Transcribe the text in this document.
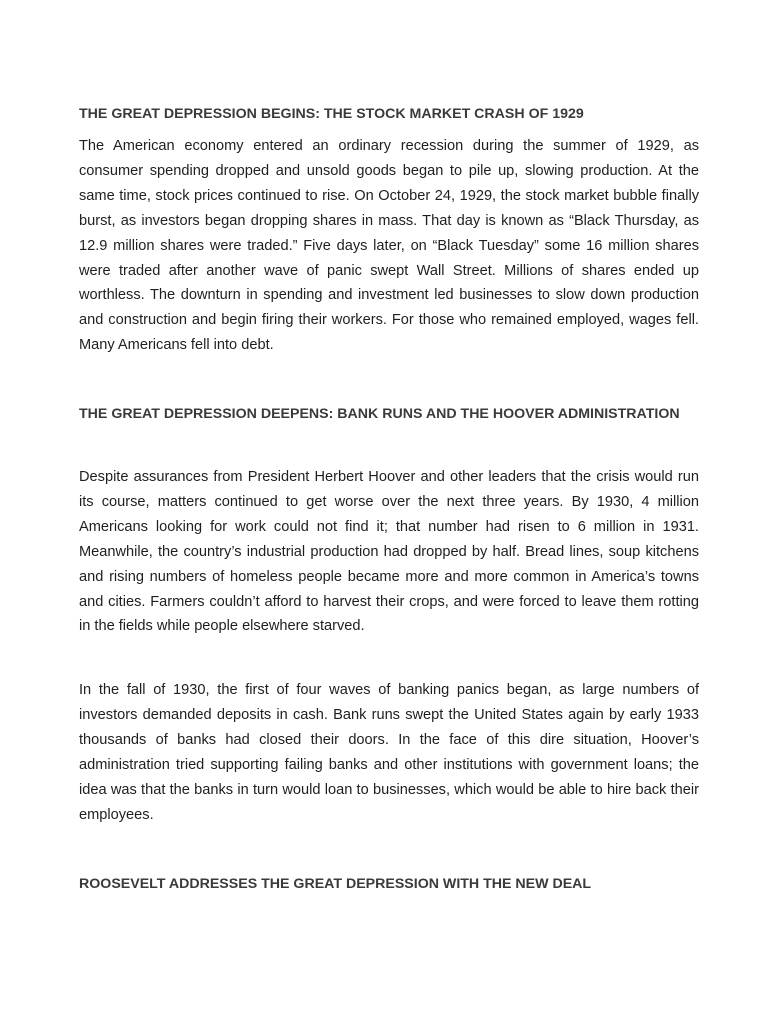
THE GREAT DEPRESSION BEGINS: THE STOCK MARKET CRASH OF 1929

The American economy entered an ordinary recession during the summer of 1929, as consumer spending dropped and unsold goods began to pile up, slowing production. At the same time, stock prices continued to rise. On October 24, 1929, the stock market bubble finally burst, as investors began dropping shares in mass. That day is known as “Black Thursday, as 12.9 million shares were traded.” Five days later, on “Black Tuesday” some 16 million shares were traded after another wave of panic swept Wall Street. Millions of shares ended up worthless. The downturn in spending and investment led businesses to slow down production and construction and begin firing their workers. For those who remained employed, wages fell. Many Americans fell into debt.

THE GREAT DEPRESSION DEEPENS: BANK RUNS AND THE HOOVER ADMINISTRATION

Despite assurances from President Herbert Hoover and other leaders that the crisis would run its course, matters continued to get worse over the next three years. By 1930, 4 million Americans looking for work could not find it; that number had risen to 6 million in 1931. Meanwhile, the country’s industrial production had dropped by half. Bread lines, soup kitchens and rising numbers of homeless people became more and more common in America’s towns and cities. Farmers couldn’t afford to harvest their crops, and were forced to leave them rotting in the fields while people elsewhere starved.

In the fall of 1930, the first of four waves of banking panics began, as large numbers of investors demanded deposits in cash. Bank runs swept the United States again by early 1933 thousands of banks had closed their doors. In the face of this dire situation, Hoover’s administration tried supporting failing banks and other institutions with government loans; the idea was that the banks in turn would loan to businesses, which would be able to hire back their employees.

ROOSEVELT ADDRESSES THE GREAT DEPRESSION WITH THE NEW DEAL
